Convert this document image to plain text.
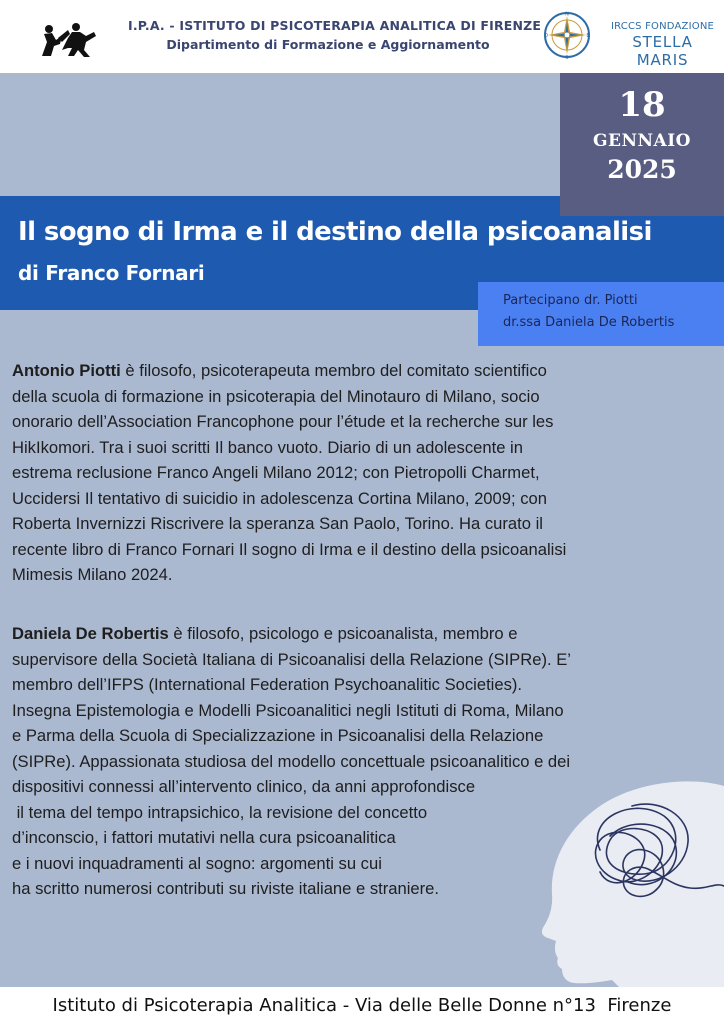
I.P.A. - ISTITUTO DI PSICOTERAPIA ANALITICA DI FIRENZE
Dipartimento di Formazione e Aggiornamento
N
O	E
S
IRCCS FONDAZIONE
STELLA MARIS
Il sogno di Irma e il destino della psicoanalisi
di Franco Fornari
18
GENNAIO
2025
Partecipano dr. Piotti
dr.ssa Daniela De Robertis
Antonio Piotti è filosofo, psicoterapeuta membro del comitato scientifico
della scuola di formazione in psicoterapia del Minotauro di Milano, socio
onorario dell’Association Francophone pour l’étude et la recherche sur les
HikIkomori. Tra i suoi scritti Il banco vuoto. Diario di un adolescente in
estrema reclusione Franco Angeli Milano 2012; con Pietropolli Charmet,
Uccidersi Il tentativo di suicidio in adolescenza Cortina Milano, 2009; con
Roberta Invernizzi Riscrivere la speranza San Paolo, Torino. Ha curato il
recente libro di Franco Fornari Il sogno di Irma e il destino della psicoanalisi
Mimesis Milano 2024.
Daniela De Robertis è filosofo, psicologo e psicoanalista, membro e
supervisore della Società Italiana di Psicoanalisi della Relazione (SIPRe). E’
membro dell’IFPS (International Federation Psychoanalitic Societies).
Insegna Epistemologia e Modelli Psicoanalitici negli Istituti di Roma, Milano
e Parma della Scuola di Specializzazione in Psicoanalisi della Relazione
(SIPRe). Appassionata studiosa del modello concettuale psicoanalitico e dei
dispositivi connessi all’intervento clinico, da anni approfondisce
il tema del tempo intrapsichico, la revisione del concetto
d’inconscio, i fattori mutativi nella cura psicoanalitica
e i nuovi inquadramenti al sogno: argomenti su cui
ha scritto numerosi contributi su riviste italiane e straniere.
Istituto di Psicoterapia Analitica - Via delle Belle Donne n°13  Firenze
